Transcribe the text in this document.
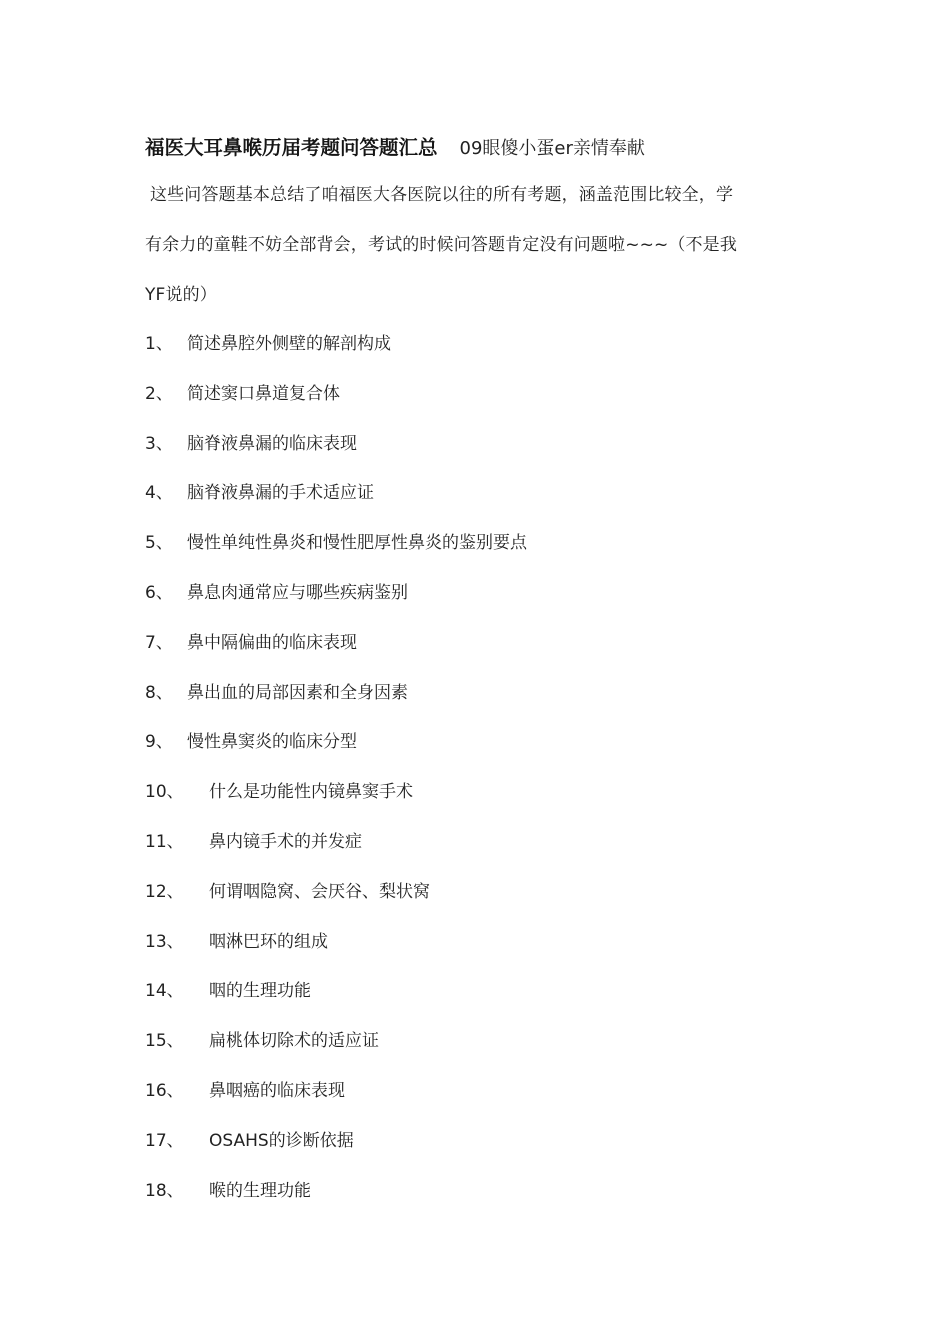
福医大耳鼻喉历届考题问答题汇总 09眼傻小蛋er亲情奉献
这些问答题基本总结了咱福医大各医院以往的所有考题，涵盖范围比较全，学
有余力的童鞋不妨全部背会，考试的时候问答题肯定没有问题啦~~~（不是我
YF说的）
1、 简述鼻腔外侧壁的解剖构成
2、 简述窦口鼻道复合体
3、 脑脊液鼻漏的临床表现
4、 脑脊液鼻漏的手术适应证
5、 慢性单纯性鼻炎和慢性肥厚性鼻炎的鉴别要点
6、 鼻息肉通常应与哪些疾病鉴别
7、 鼻中隔偏曲的临床表现
8、 鼻出血的局部因素和全身因素
9、 慢性鼻窦炎的临床分型
10、 什么是功能性内镜鼻窦手术
11、 鼻内镜手术的并发症
12、 何谓咽隐窝、会厌谷、梨状窝
13、 咽淋巴环的组成
14、 咽的生理功能
15、 扁桃体切除术的适应证
16、 鼻咽癌的临床表现
17、 OSAHS的诊断依据
18、 喉的生理功能
